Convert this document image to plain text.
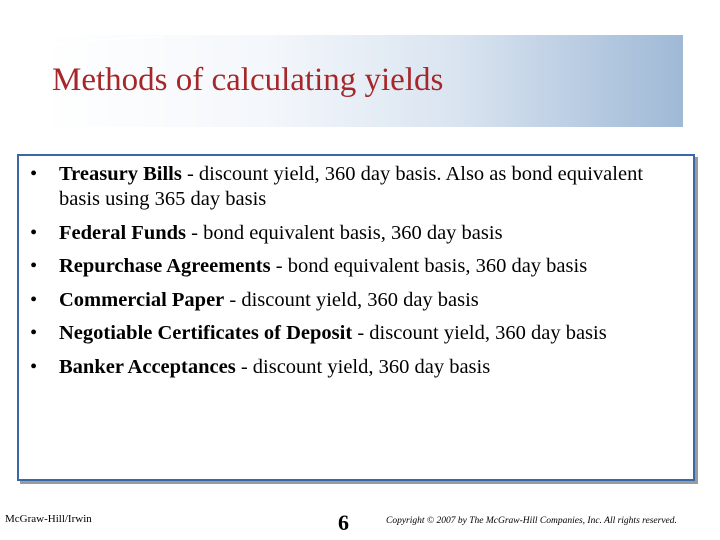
Methods of calculating yields
• Treasury Bills - discount yield, 360 day basis. Also as bond equivalent basis using 365 day basis
• Federal Funds - bond equivalent basis, 360 day basis
• Repurchase Agreements - bond equivalent basis, 360 day basis
• Commercial Paper - discount yield, 360 day basis
• Negotiable Certificates of Deposit - discount yield, 360 day basis
• Banker Acceptances - discount yield, 360 day basis
McGraw-Hill/Irwin	6	Copyright © 2007 by The McGraw-Hill Companies, Inc. All rights reserved.
